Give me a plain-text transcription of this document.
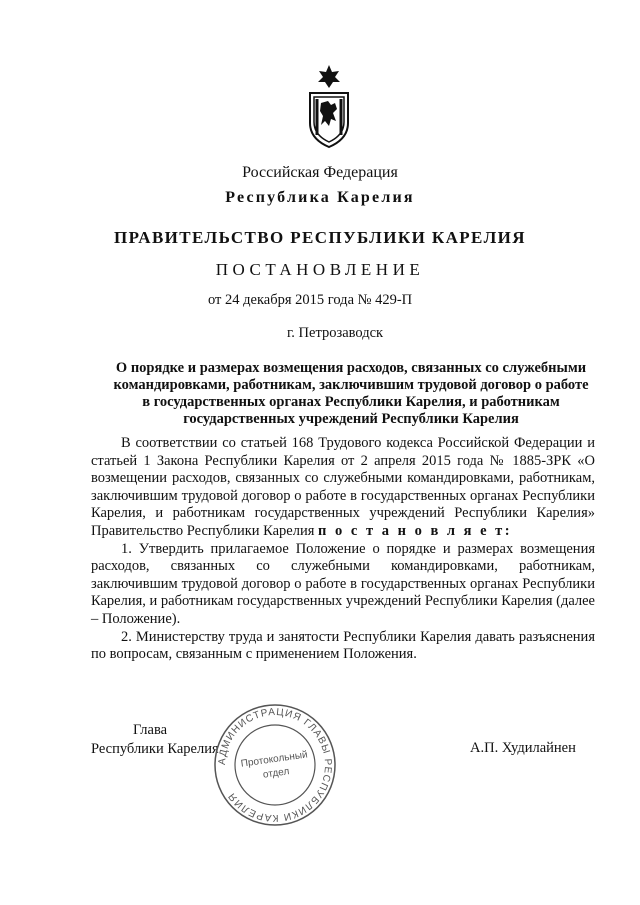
Российская Федерация
Республика Карелия
ПРАВИТЕЛЬСТВО РЕСПУБЛИКИ КАРЕЛИЯ
ПОСТАНОВЛЕНИЕ
от 24 декабря 2015 года № 429-П
г. Петрозаводск

О порядке и размерах возмещения расходов, связанных со служебными командировками, работникам, заключившим трудовой договор о работе в государственных органах Республики Карелия, и работникам государственных учреждений Республики Карелия

В соответствии со статьей 168 Трудового кодекса Российской Федерации и статьей 1 Закона Республики Карелия от 2 апреля 2015 года № 1885-ЗРК «О возмещении расходов, связанных со служебными командировками, работникам, заключившим трудовой договор о работе в государственных органах Республики Карелия, и работникам государственных учреждений Республики Карелия» Правительство Республики Карелия п о с т а н о в л я е т:

1. Утвердить прилагаемое Положение о порядке и размерах возмещения расходов, связанных со служебными командировками, работникам, заключившим трудовой договор о работе в государственных органах Республики Карелия, и работникам государственных учреждений Республики Карелия (далее – Положение).

2. Министерству труда и занятости Республики Карелия давать разъяснения по вопросам, связанным с применением Положения.

Глава
Республики Карелия	А.П. Худилайнен
АДМИНИСТРАЦИЯ ГЛАВЫ РЕСПУБЛИКИ КАРЕЛИЯ
Протокольный
отдел
